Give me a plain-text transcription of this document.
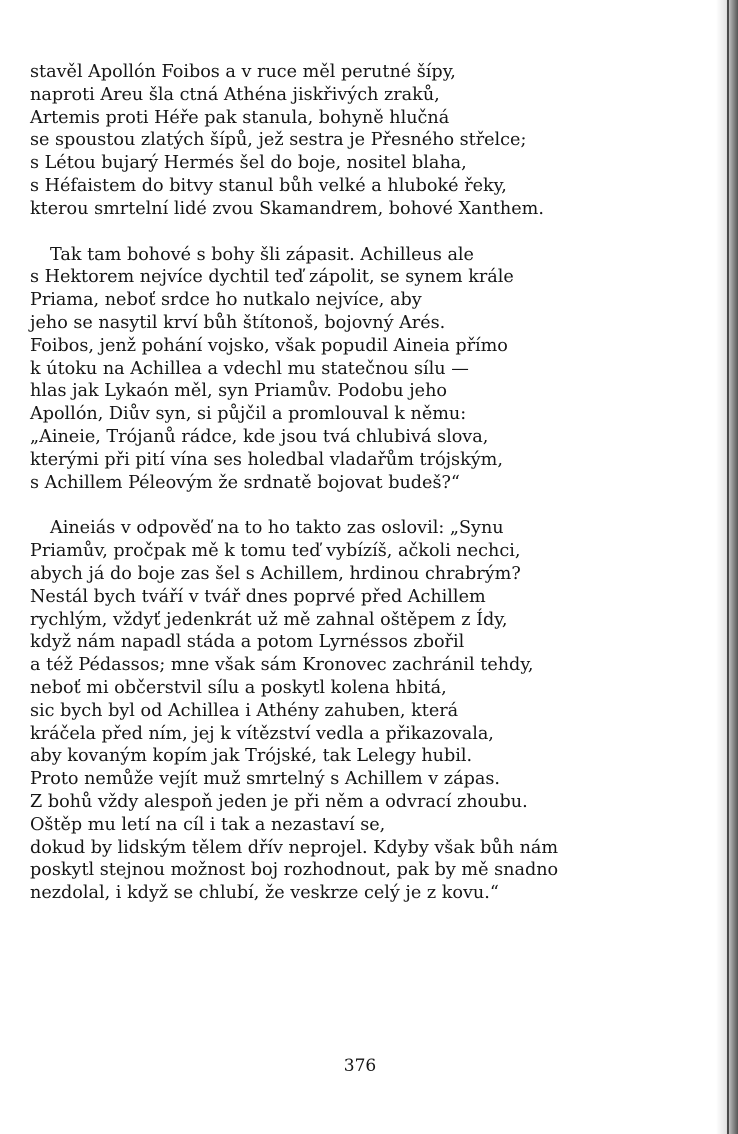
stavěl Apollón Foibos a v ruce měl perutné šípy,
naproti Areu šla ctná Athéna jiskřivých zraků,
Artemis proti Héře pak stanula, bohyně hlučná
se spoustou zlatých šípů, jež sestra je Přesného střelce;
s Létou bujarý Hermés šel do boje, nositel blaha,
s Héfaistem do bitvy stanul bůh velké a hluboké řeky,
kterou smrtelní lidé zvou Skamandrem, bohové Xanthem.
Tak tam bohové s bohy šli zápasit. Achilleus ale
s Hektorem nejvíce dychtil teď zápolit, se synem krále
Priama, neboť srdce ho nutkalo nejvíce, aby
jeho se nasytil krví bůh štítonoš, bojovný Arés.
Foibos, jenž pohání vojsko, však popudil Aineia přímo
k útoku na Achillea a vdechl mu statečnou sílu —
hlas jak Lykaón měl, syn Priamův. Podobu jeho
Apollón, Diův syn, si půjčil a promlouval k němu:
„Aineie, Trójanů rádce, kde jsou tvá chlubivá slova,
kterými při pití vína ses holedbal vladařům trójským,
s Achillem Péleovým že srdnatě bojovat budeš?“
Aineiás v odpověď na to ho takto zas oslovil: „Synu
Priamův, pročpak mě k tomu teď vybízíš, ačkoli nechci,
abych já do boje zas šel s Achillem, hrdinou chrabrým?
Nestál bych tváří v tvář dnes poprvé před Achillem
rychlým, vždyť jedenkrát už mě zahnal oštěpem z Ídy,
když nám napadl stáda a potom Lyrnéssos zbořil
a též Pédassos; mne však sám Kronovec zachránil tehdy,
neboť mi občerstvil sílu a poskytl kolena hbitá,
sic bych byl od Achillea i Athény zahuben, která
kráčela před ním, jej k vítězství vedla a přikazovala,
aby kovaným kopím jak Trójské, tak Lelegy hubil.
Proto nemůže vejít muž smrtelný s Achillem v zápas.
Z bohů vždy alespoň jeden je při něm a odvrací zhoubu.
Oštěp mu letí na cíl i tak a nezastaví se,
dokud by lidským tělem dřív neprojel. Kdyby však bůh nám
poskytl stejnou možnost boj rozhodnout, pak by mě snadno
nezdolal, i když se chlubí, že veskrze celý je z kovu.“
376
